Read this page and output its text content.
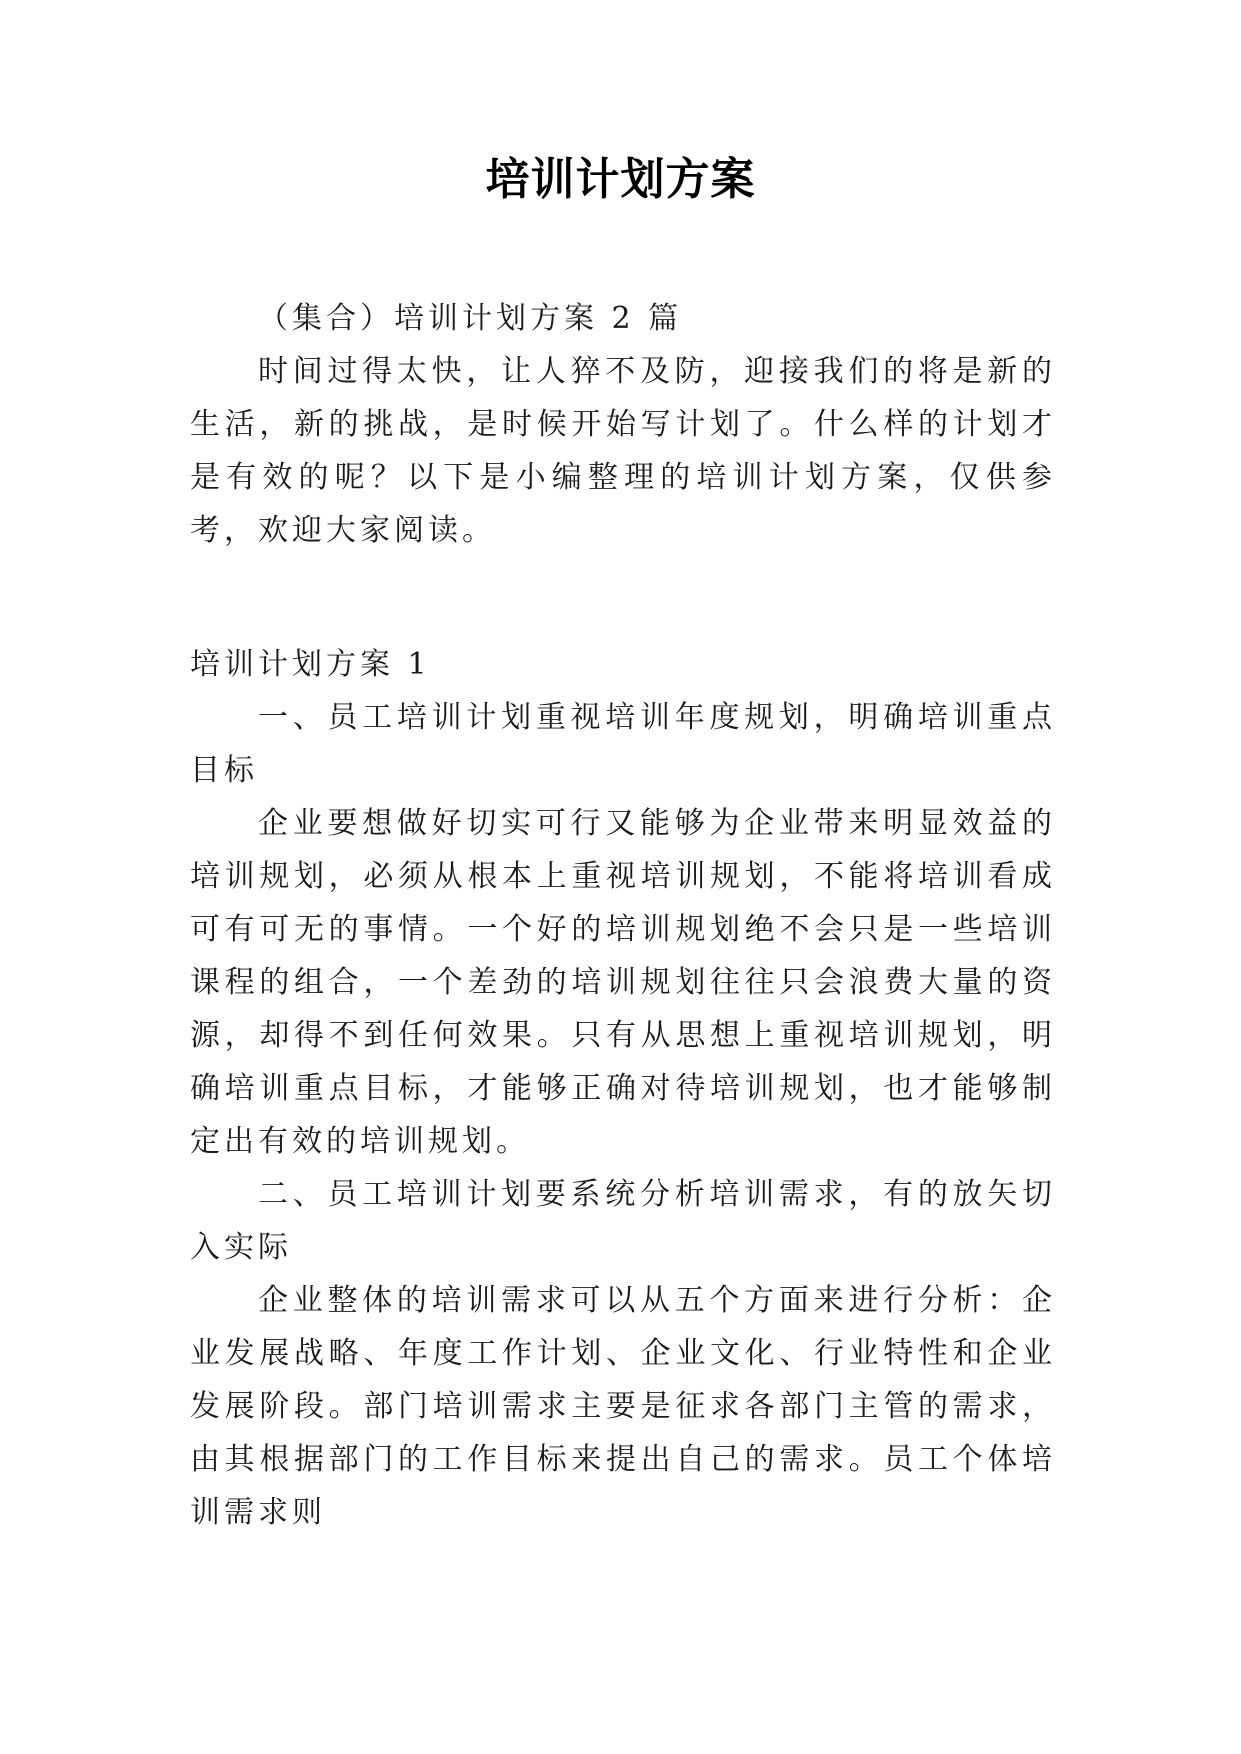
培训计划方案

（集合）培训计划方案 2 篇

时间过得太快，让人猝不及防，迎接我们的将是新的生活，新的挑战，是时候开始写计划了。什么样的计划才是有效的呢？以下是小编整理的培训计划方案，仅供参考，欢迎大家阅读。

培训计划方案 1

一、员工培训计划重视培训年度规划，明确培训重点目标

企业要想做好切实可行又能够为企业带来明显效益的培训规划，必须从根本上重视培训规划，不能将培训看成可有可无的事情。一个好的培训规划绝不会只是一些培训课程的组合，一个差劲的培训规划往往只会浪费大量的资源，却得不到任何效果。只有从思想上重视培训规划，明确培训重点目标，才能够正确对待培训规划，也才能够制定出有效的培训规划。

二、员工培训计划要系统分析培训需求，有的放矢切入实际

企业整体的培训需求可以从五个方面来进行分析：企业发展战略、年度工作计划、企业文化、行业特性和企业发展阶段。部门培训需求主要是征求各部门主管的需求，由其根据部门的工作目标来提出自己的需求。员工个体培训需求则
